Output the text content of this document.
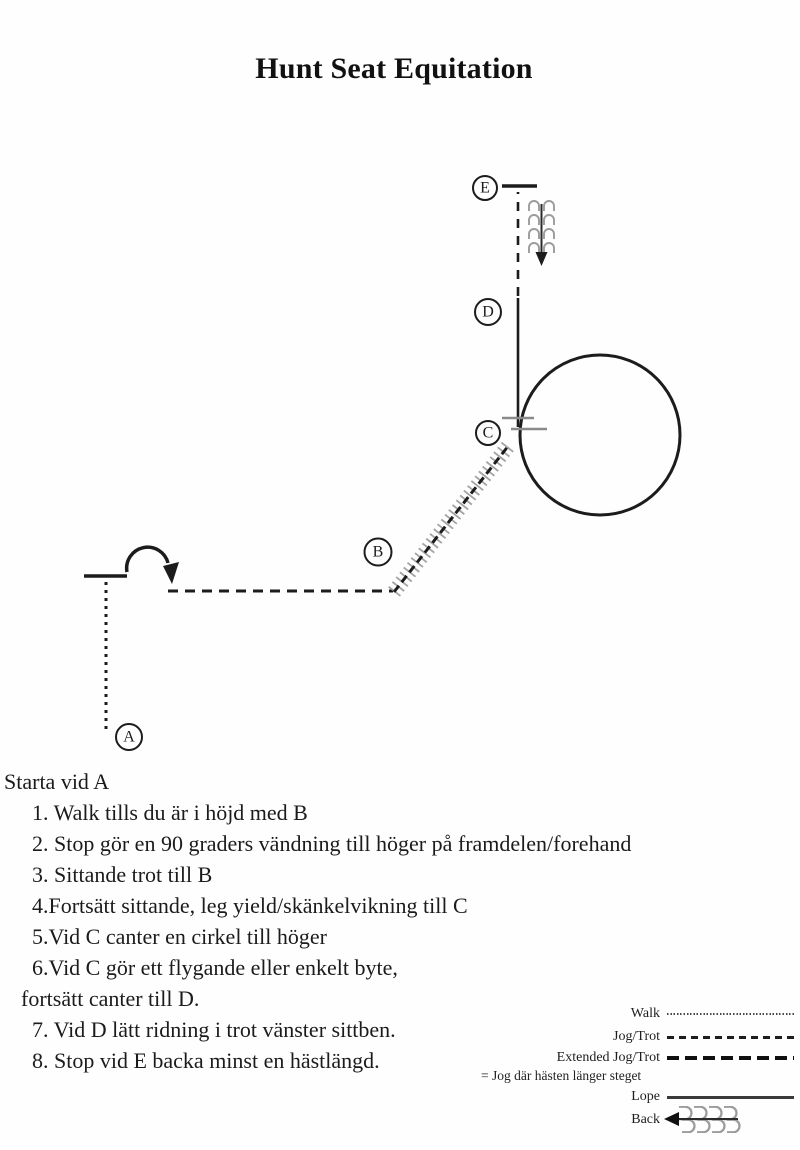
Hunt Seat Equitation
A
B
C
D
E

Starta vid A

1. Walk tills du är i höjd med B

2. Stop gör en 90 graders vändning till höger på framdelen/forehand

3. Sittande trot till B

4.Fortsätt sittande, leg yield/skänkelvikning till C

5.Vid C canter en cirkel till höger

6.Vid C gör ett flygande eller enkelt byte,

fortsätt canter till D.

7. Vid D lätt ridning i trot vänster sittben.

8. Stop vid E backa minst en hästlängd.

Walk
Jog/Trot
Extended Jog/Trot
= Jog där hästen länger steget
Lope
Back
